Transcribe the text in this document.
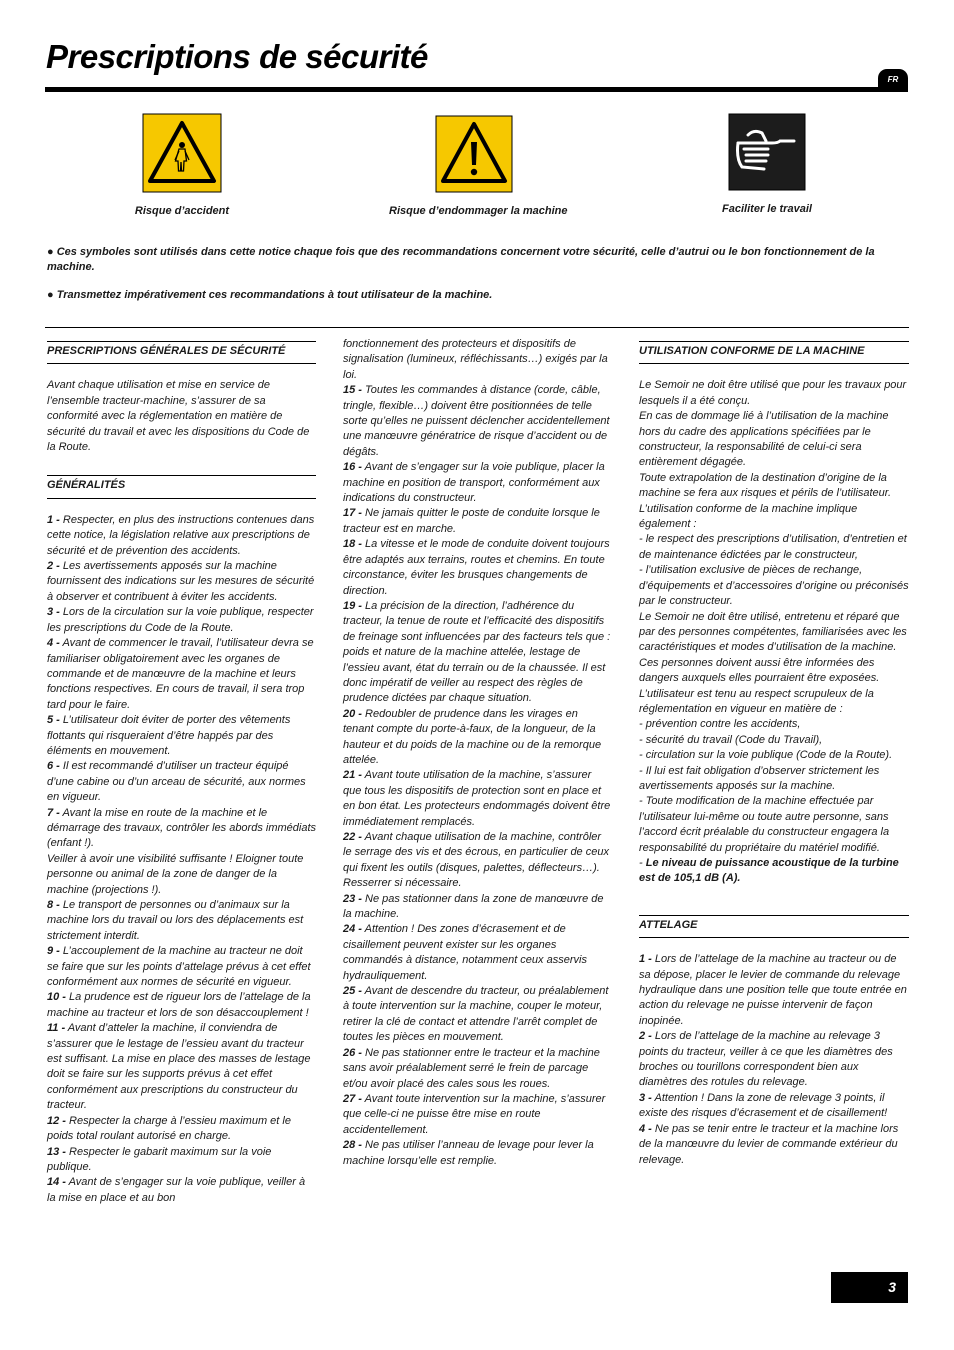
Prescriptions de sécurité
FR
Risque d’accident	Risque d’endommager la machine	Faciliter le travail

● Ces symboles sont utilisés dans cette notice chaque fois que des recommandations concernent votre sécurité, celle d’autrui ou le bon fonctionnement de la machine.

● Transmettez impérativement ces recommandations à tout utilisateur de la machine.

PRESCRIPTIONS GÉNÉRALES DE SÉCURITÉ

Avant chaque utilisation et mise en service de l’ensemble tracteur-machine, s’assurer de sa conformité avec la réglementation en matière de sécurité du travail et avec les dispositions du Code de la Route.

GÉNÉRALITÉS

1 - Respecter, en plus des instructions contenues dans cette notice, la législation relative aux prescriptions de sécurité et de prévention des accidents.

2 - Les avertissements apposés sur la machine fournissent des indications sur les mesures de sécurité à observer et contribuent à éviter les accidents.

3 - Lors de la circulation sur la voie publique, respecter les prescriptions du Code de la Route.

4 - Avant de commencer le travail, l’utilisateur devra se familiariser obligatoirement avec les organes de commande et de manœuvre de la machine et leurs fonctions respectives. En cours de travail, il sera trop tard pour le faire.

5 - L’utilisateur doit éviter de porter des vêtements flottants qui risqueraient d’être happés par des éléments en mouvement.

6 - Il est recommandé d’utiliser un tracteur équipé d’une cabine ou d’un arceau de sécurité, aux normes en vigueur.

7 - Avant la mise en route de la machine et le démarrage des travaux, contrôler les abords immédiats (enfant !).
Veiller à avoir une visibilité suffisante ! Eloigner toute personne ou animal de la zone de danger de la machine (projections !).

8 - Le transport de personnes ou d’animaux sur la machine lors du travail ou lors des déplacements est strictement interdit.

9 - L’accouplement de la machine au tracteur ne doit se faire que sur les points d’attelage prévus à cet effet conformément aux normes de sécurité en vigueur.

10 - La prudence est de rigueur lors de l’attelage de la machine au tracteur et lors de son désaccouplement !

11 - Avant d’atteler la machine, il conviendra de s’assurer que le lestage de l’essieu avant du tracteur est suffisant. La mise en place des masses de lestage doit se faire sur les supports prévus à cet effet conformément aux prescriptions du constructeur du tracteur.

12 - Respecter la charge à l’essieu maximum et le poids total roulant autorisé en charge.

13 - Respecter le gabarit maximum sur la voie publique.

14 - Avant de s’engager sur la voie publique, veiller à la mise en place et au bon

fonctionnement des protecteurs et dispositifs de signalisation (lumineux, réfléchissants…) exigés par la loi.

15 - Toutes les commandes à distance (corde, câble, tringle, flexible…) doivent être positionnées de telle sorte qu’elles ne puissent déclencher accidentellement une manœuvre génératrice de risque d’accident ou de dégâts.

16 - Avant de s’engager sur la voie publique, placer la machine en position de transport, conformément aux indications du constructeur.

17 - Ne jamais quitter le poste de conduite lorsque le tracteur est en marche.

18 - La vitesse et le mode de conduite doivent toujours être adaptés aux terrains, routes et chemins. En toute circonstance, éviter les brusques changements de direction.

19 - La précision de la direction, l’adhérence du tracteur, la tenue de route et l’efficacité des dispositifs de freinage sont influencées par des facteurs tels que : poids et nature de la machine attelée, lestage de l’essieu avant, état du terrain ou de la chaussée. Il est donc impératif de veiller au respect des règles de prudence dictées par chaque situation.

20 - Redoubler de prudence dans les virages en tenant compte du porte-à-faux, de la longueur, de la hauteur et du poids de la machine ou de la remorque attelée.

21 - Avant toute utilisation de la machine, s’assurer que tous les dispositifs de protection sont en place et en bon état. Les protecteurs endommagés doivent être immédiatement remplacés.

22 - Avant chaque utilisation de la machine, contrôler le serrage des vis et des écrous, en particulier de ceux qui fixent les outils (disques, palettes, déflecteurs…). Resserrer si nécessaire.

23 - Ne pas stationner dans la zone de manœuvre de la machine.

24 - Attention ! Des zones d’écrasement et de cisaillement peuvent exister sur les organes commandés à distance, notamment ceux asservis hydrauliquement.

25 - Avant de descendre du tracteur, ou préalablement à toute intervention sur la machine, couper le moteur, retirer la clé de contact et attendre l’arrêt complet de toutes les pièces en mouvement.

26 - Ne pas stationner entre le tracteur et la machine sans avoir préalablement serré le frein de parcage et/ou avoir placé des cales sous les roues.

27 - Avant toute intervention sur la machine, s’assurer que celle-ci ne puisse être mise en route accidentellement.

28 - Ne pas utiliser l’anneau de levage pour lever la machine lorsqu’elle est remplie.

UTILISATION CONFORME DE LA MACHINE

Le Semoir ne doit être utilisé que pour les travaux pour lesquels il a été conçu.
En cas de dommage lié à l’utilisation de la machine hors du cadre des applications spécifiées par le constructeur, la responsabilité de celui-ci sera entièrement dégagée.
Toute extrapolation de la destination d’origine de la machine se fera aux risques et périls de l’utilisateur.
L’utilisation conforme de la machine implique également :
- le respect des prescriptions d’utilisation, d’entretien et de maintenance édictées par le constructeur,
- l’utilisation exclusive de pièces de rechange, d’équipements et d’accessoires d’origine ou préconisés par le constructeur.
Le Semoir ne doit être utilisé, entretenu et réparé que par des personnes compétentes, familiarisées avec les caractéristiques et modes d’utilisation de la machine. Ces personnes doivent aussi être informées des dangers auxquels elles pourraient être exposées.
L’utilisateur est tenu au respect scrupuleux de la réglementation en vigueur en matière de :
- prévention contre les accidents,
- sécurité du travail (Code du Travail),
- circulation sur la voie publique (Code de la Route).
- Il lui est fait obligation d’observer strictement les avertissements apposés sur la machine.
- Toute modification de la machine effectuée par l’utilisateur lui-même ou toute autre personne, sans l’accord écrit préalable du constructeur engagera la responsabilité du propriétaire du matériel modifié.

- Le niveau de puissance acoustique de la turbine est de 105,1 dB (A).

ATTELAGE

1 - Lors de l’attelage de la machine au tracteur ou de sa dépose, placer le levier de commande du relevage hydraulique dans une position telle que toute entrée en action du relevage ne puisse intervenir de façon inopinée.

2 - Lors de l’attelage de la machine au relevage 3 points du tracteur, veiller à ce que les diamètres des broches ou tourillons correspondent bien aux diamètres des rotules du relevage.

3 - Attention ! Dans la zone de relevage 3 points, il existe des risques d’écrasement et de cisaillement!

4 - Ne pas se tenir entre le tracteur et la machine lors de la manœuvre du levier de commande extérieur du relevage.

3
